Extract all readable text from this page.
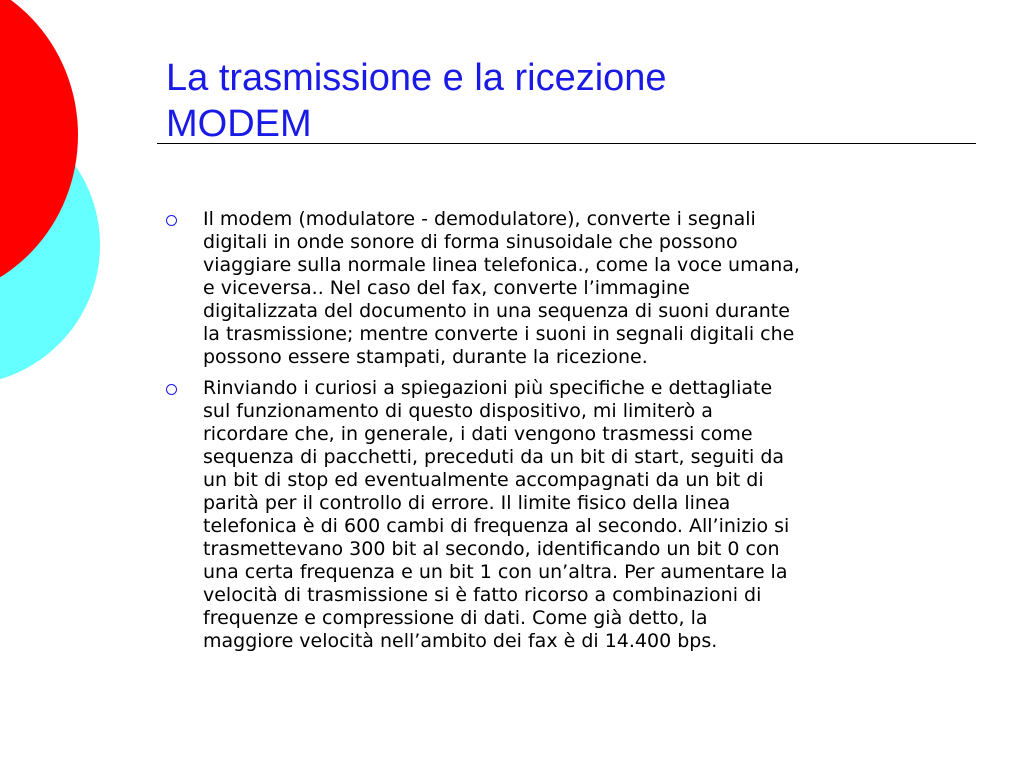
La trasmissione e la ricezione
MODEM
Il modem (modulatore - demodulatore), converte i segnali
digitali in onde sonore di forma sinusoidale che possono
viaggiare sulla normale linea telefonica., come la voce umana,
e viceversa.. Nel caso del fax, converte l’immagine
digitalizzata del documento in una sequenza di suoni durante
la trasmissione; mentre converte i suoni in segnali digitali che
possono essere stampati, durante la ricezione.
Rinviando i curiosi a spiegazioni più specifiche e dettagliate
sul funzionamento di questo dispositivo, mi limiterò a
ricordare che, in generale, i dati vengono trasmessi come
sequenza di pacchetti, preceduti da un bit di start, seguiti da
un bit di stop ed eventualmente accompagnati da un bit di
parità per il controllo di errore. Il limite fisico della linea
telefonica è di 600 cambi di frequenza al secondo. All’inizio si
trasmettevano 300 bit al secondo, identificando un bit 0 con
una certa frequenza e un bit 1 con un’altra. Per aumentare la
velocità di trasmissione si è fatto ricorso a combinazioni di
frequenze e compressione di dati. Come già detto, la
maggiore velocità nell’ambito dei fax è di 14.400 bps.
